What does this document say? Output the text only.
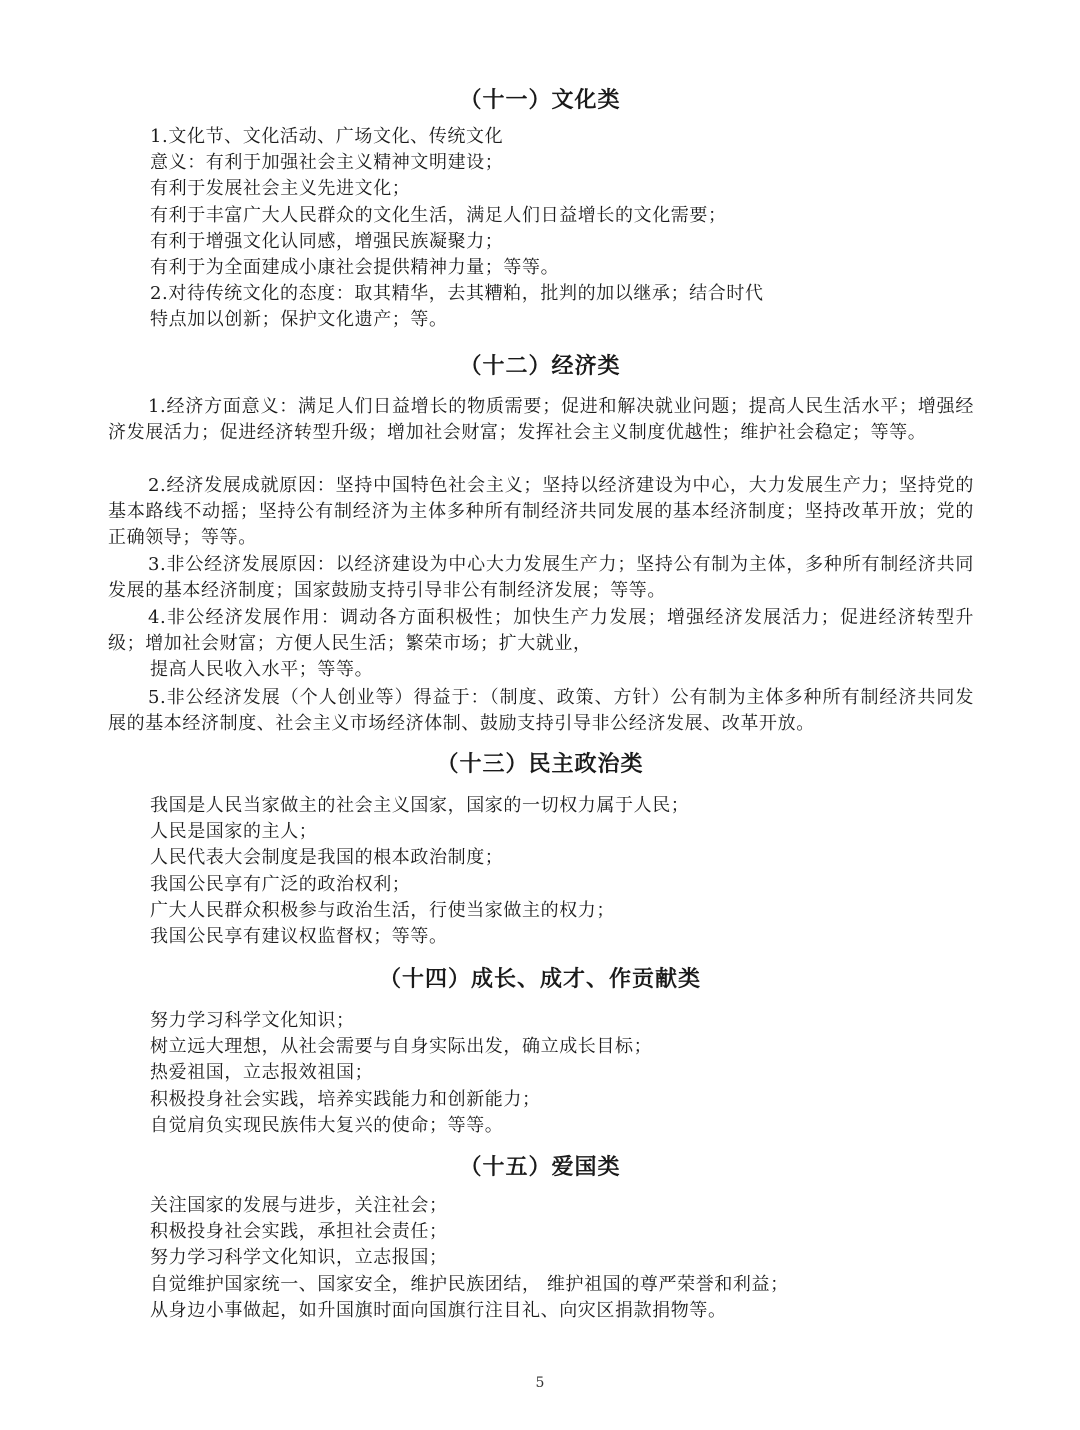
（十一）文化类
1.文化节、文化活动、广场文化、传统文化
意义：有利于加强社会主义精神文明建设；
有利于发展社会主义先进文化；
有利于丰富广大人民群众的文化生活，满足人们日益增长的文化需要；
有利于增强文化认同感，增强民族凝聚力；
有利于为全面建成小康社会提供精神力量；等等。
2.对待传统文化的态度：取其精华，去其糟粕，批判的加以继承；结合时代
特点加以创新；保护文化遗产；等。
（十二）经济类
1.经济方面意义：满足人们日益增长的物质需要；促进和解决就业问题；提高人民生活水平；增强经济发展活力；促进经济转型升级；增加社会财富；发挥社会主义制度优越性；维护社会稳定；等等。
2.经济发展成就原因：坚持中国特色社会主义；坚持以经济建设为中心，大力发展生产力；坚持党的基本路线不动摇；坚持公有制经济为主体多种所有制经济共同发展的基本经济制度；坚持改革开放；党的正确领导；等等。
3.非公经济发展原因：以经济建设为中心大力发展生产力；坚持公有制为主体，多种所有制经济共同发展的基本经济制度；国家鼓励支持引导非公有制经济发展；等等。
4.非公经济发展作用：调动各方面积极性；加快生产力发展；增强经济发展活力；促进经济转型升级；增加社会财富；方便人民生活；繁荣市场；扩大就业，
提高人民收入水平；等等。
5.非公经济发展（个人创业等）得益于：（制度、政策、方针）公有制为主体多种所有制经济共同发展的基本经济制度、社会主义市场经济体制、鼓励支持引导非公经济发展、改革开放。
（十三）民主政治类
我国是人民当家做主的社会主义国家，国家的一切权力属于人民；
人民是国家的主人；
人民代表大会制度是我国的根本政治制度；
我国公民享有广泛的政治权利；
广大人民群众积极参与政治生活，行使当家做主的权力；
我国公民享有建议权监督权；等等。
（十四）成长、成才、作贡献类
努力学习科学文化知识；
树立远大理想，从社会需要与自身实际出发，确立成长目标；
热爱祖国，立志报效祖国；
积极投身社会实践，培养实践能力和创新能力；
自觉肩负实现民族伟大复兴的使命；等等。
（十五）爱国类
关注国家的发展与进步，关注社会；
积极投身社会实践，承担社会责任；
努力学习科学文化知识，立志报国；
自觉维护国家统一、国家安全，维护民族团结， 维护祖国的尊严荣誉和利益；
从身边小事做起，如升国旗时面向国旗行注目礼、向灾区捐款捐物等。
5
